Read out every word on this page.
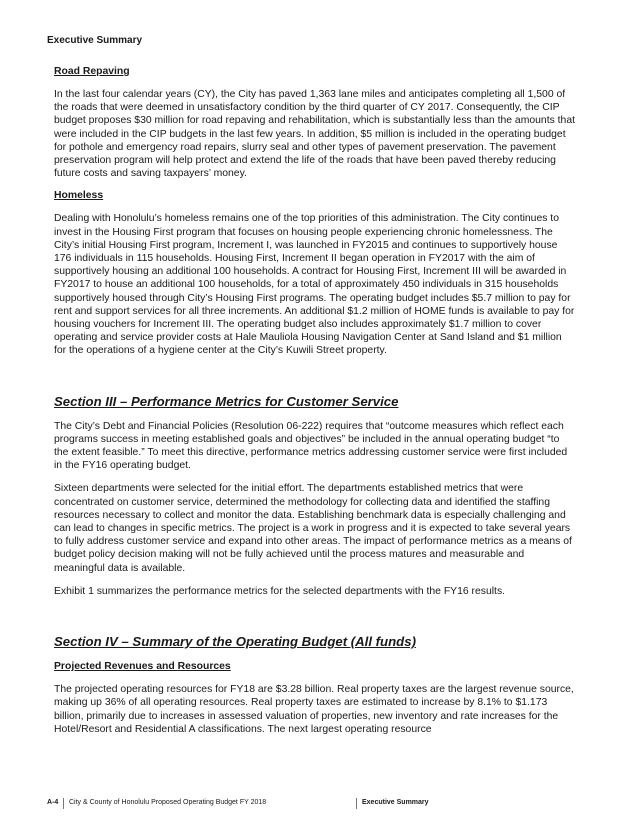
Executive Summary
Road Repaving

In the last four calendar years (CY), the City has paved 1,363 lane miles and anticipates completing all 1,500 of the roads that were deemed in unsatisfactory condition by the third quarter of CY 2017. Consequently, the CIP budget proposes $30 million for road repaving and rehabilitation, which is substantially less than the amounts that were included in the CIP budgets in the last few years. In addition, $5 million is included in the operating budget for pothole and emergency road repairs, slurry seal and other types of pavement preservation. The pavement preservation program will help protect and extend the life of the roads that have been paved thereby reducing future costs and saving taxpayers’ money.

Homeless

Dealing with Honolulu’s homeless remains one of the top priorities of this administration. The City continues to invest in the Housing First program that focuses on housing people experiencing chronic homelessness. The City’s initial Housing First program, Increment I, was launched in FY2015 and continues to supportively house 176 individuals in 115 households. Housing First, Increment II began operation in FY2017 with the aim of supportively housing an additional 100 households. A contract for Housing First, Increment III will be awarded in FY2017 to house an additional 100 households, for a total of approximately 450 individuals in 315 households supportively housed through City’s Housing First programs. The operating budget includes $5.7 million to pay for rent and support services for all three increments. An additional $1.2 million of HOME funds is available to pay for housing vouchers for Increment III. The operating budget also includes approximately $1.7 million to cover operating and service provider costs at Hale Mauliola Housing Navigation Center at Sand Island and $1 million for the operations of a hygiene center at the City’s Kuwili Street property.

Section III – Performance Metrics for Customer Service

The City’s Debt and Financial Policies (Resolution 06-222) requires that “outcome measures which reflect each programs success in meeting established goals and objectives” be included in the annual operating budget “to the extent feasible.” To meet this directive, performance metrics addressing customer service were first included in the FY16 operating budget.

Sixteen departments were selected for the initial effort. The departments established metrics that were concentrated on customer service, determined the methodology for collecting data and identified the staffing resources necessary to collect and monitor the data. Establishing benchmark data is especially challenging and can lead to changes in specific metrics. The project is a work in progress and it is expected to take several years to fully address customer service and expand into other areas. The impact of performance metrics as a means of budget policy decision making will not be fully achieved until the process matures and measurable and meaningful data is available.

Exhibit 1 summarizes the performance metrics for the selected departments with the FY16 results.

Section IV – Summary of the Operating Budget (All funds)
Projected Revenues and Resources

The projected operating resources for FY18 are $3.28 billion. Real property taxes are the largest revenue source, making up 36% of all operating resources. Real property taxes are estimated to increase by 8.1% to $1.173 billion, primarily due to increases in assessed valuation of properties, new inventory and rate increases for the Hotel/Resort and Residential A classifications. The next largest operating resource

A-4 City & County of Honolulu Proposed Operating Budget FY 2018	Executive Summary
